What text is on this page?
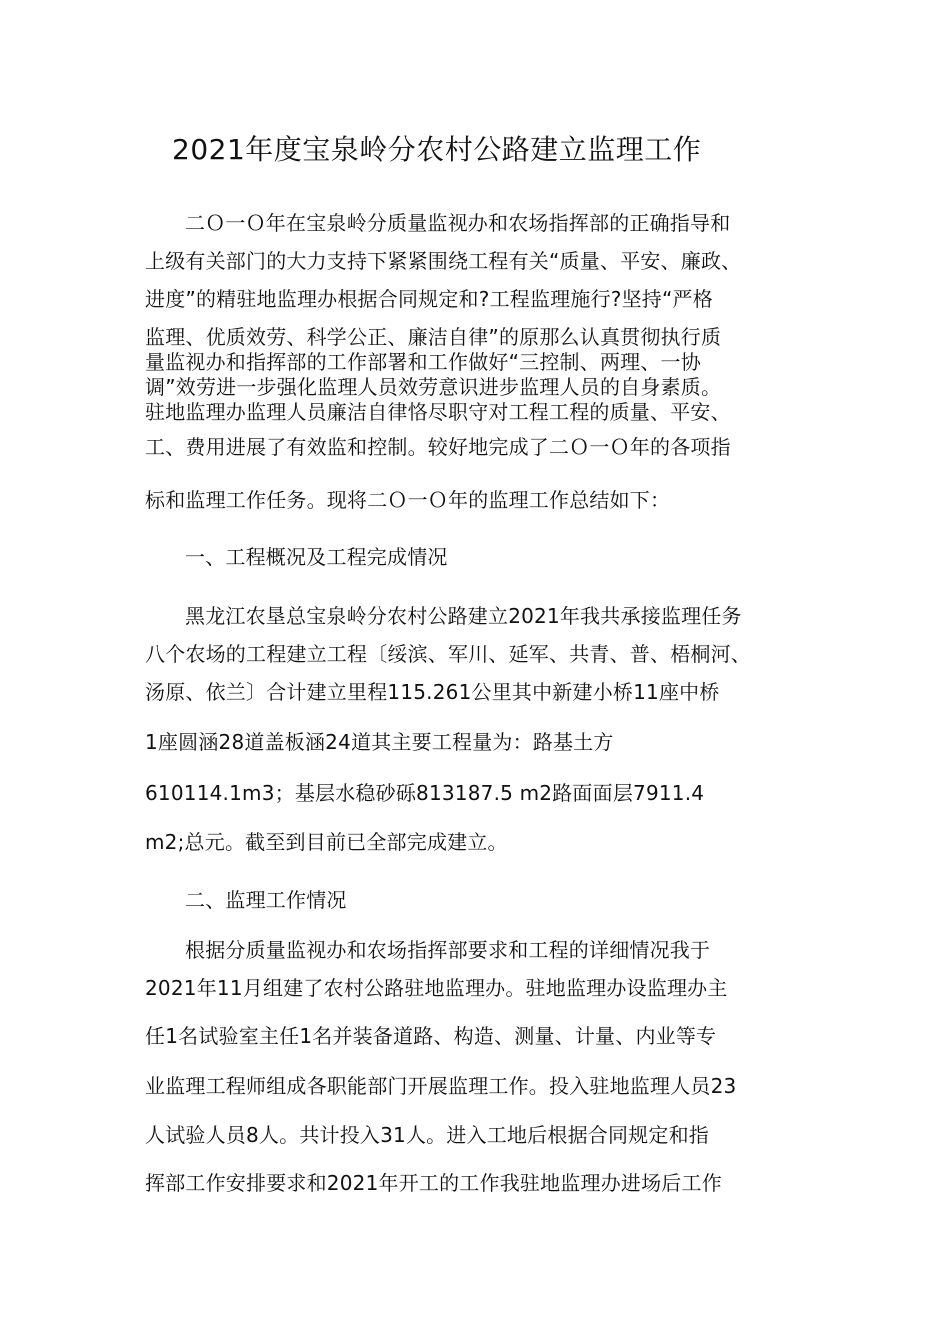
2021年度宝泉岭分农村公路建立监理工作
二Ｏ一Ｏ年在宝泉岭分质量监视办和农场指挥部的正确指导和
上级有关部门的大力支持下紧紧围绕工程有关“质量、平安、廉政、
进度”的精驻地监理办根据合同规定和?工程监理施行?坚持“严格
监理、优质效劳、科学公正、廉洁自律”的原那么认真贯彻执行质
量监视办和指挥部的工作部署和工作做好“三控制、两理、一协
调”效劳进一步强化监理人员效劳意识进步监理人员的自身素质。
驻地监理办监理人员廉洁自律恪尽职守对工程工程的质量、平安、
工、费用进展了有效监和控制。较好地完成了二Ｏ一Ｏ年的各项指
标和监理工作任务。现将二Ｏ一Ｏ年的监理工作总结如下：
一、工程概况及工程完成情况
黑龙江农垦总宝泉岭分农村公路建立2021年我共承接监理任务
八个农场的工程建立工程〔绥滨、军川、延军、共青、普、梧桐河、
汤原、依兰〕合计建立里程115.261公里其中新建小桥11座中桥
1座圆涵28道盖板涵24道其主要工程量为：路基土方
610114.1m3；基层水稳砂砾813187.5 m2路面面层7911.4
m2;总元。截至到目前已全部完成建立。
二、监理工作情况
根据分质量监视办和农场指挥部要求和工程的详细情况我于
2021年11月组建了农村公路驻地监理办。驻地监理办设监理办主
任1名试验室主任1名并装备道路、构造、测量、计量、内业等专
业监理工程师组成各职能部门开展监理工作。投入驻地监理人员23
人试验人员8人。共计投入31人。进入工地后根据合同规定和指
挥部工作安排要求和2021年开工的工作我驻地监理办进场后工作
